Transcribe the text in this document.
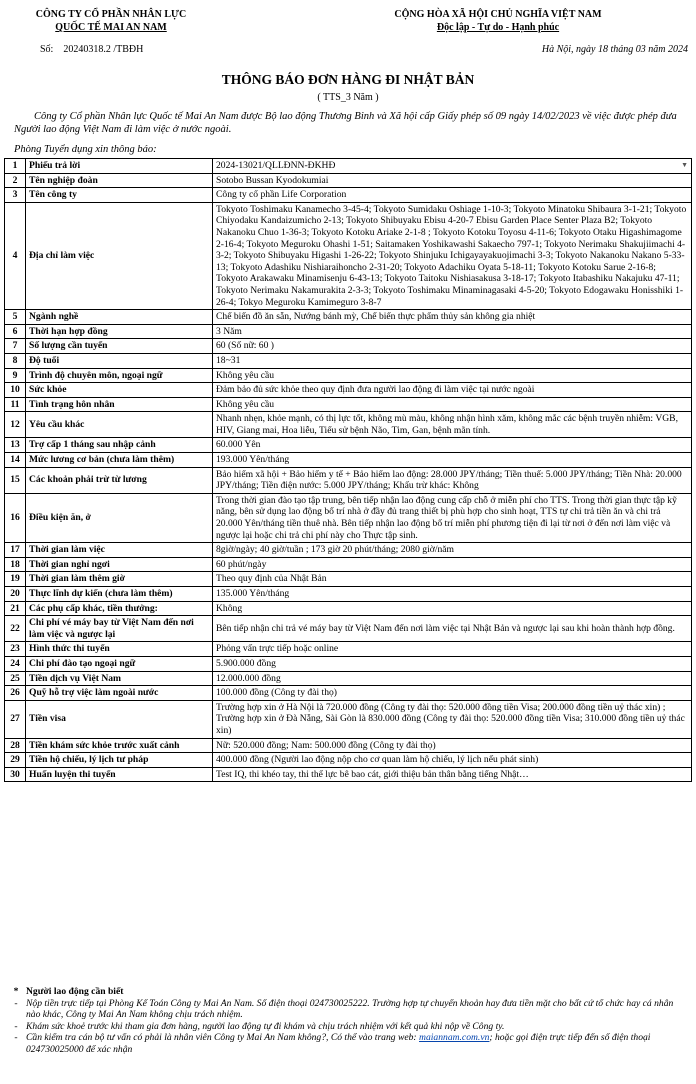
CÔNG TY CỔ PHẦN NHÂN LỰC
QUỐC TẾ MAI AN NAM
CỘNG HÒA XÃ HỘI CHỦ NGHĨA VIỆT NAM
Độc lập - Tự do - Hạnh phúc
Số: 20240318.2 /TBĐH	Hà Nội, ngày 18 tháng 03 năm 2024
THÔNG BÁO ĐƠN HÀNG ĐI NHẬT BẢN
( TTS_3 Năm )
Công ty Cổ phần Nhân lực Quốc tế Mai An Nam được Bộ lao động Thương Binh và Xã hội cấp Giấy phép số 09 ngày 14/02/2023 về việc được phép đưa Người lao động Việt Nam đi làm việc ở nước ngoài.
Phòng Tuyển dụng xin thông báo:
1	Phiếu trả lời	2024-13021/QLLĐNN-ĐKHĐ ▼

2	Tên nghiệp đoàn	Sotobo Bussan Kyodokumiai
3	Tên công ty	Công ty cổ phần Life Corporation
4	Địa chỉ làm việc	Tokyoto Toshimaku Kanamecho 3-45-4; Tokyoto Sumidaku Oshiage 1-10-3; Tokyoto Minatoku Shibaura 3-1-21; Tokyoto Chiyodaku Kandaizumicho 2-13; Tokyoto Shibuyaku Ebisu 4-20-7 Ebisu Garden Place Senter Plaza B2; Tokyoto Nakanoku Chuo 1-36-3; Tokyoto Kotoku Ariake 2-1-8 ; Tokyoto Kotoku Toyosu 4-11-6; Tokyoto Otaku Higashimagome 2-16-4; Tokyoto Meguroku Ohashi 1-51; Saitamaken Yoshikawashi Sakaecho 797-1; Tokyoto Nerimaku Shakujiimachi 4-3-2; Tokyoto Shibuyaku Higashi 1-26-22; Tokyoto Shinjuku Ichigayayakuojimachi 3-3; Tokyoto Nakanoku Nakano 5-33-13; Tokyoto Adashiku Nishiaraihoncho 2-31-20; Tokyoto Adachiku Oyata 5-18-11; Tokyoto Kotoku Sarue 2-16-8; Tokyoto Arakawaku Minamisenju 6-43-13; Tokyoto Taitoku Nishiasakusa 3-18-17; Tokyoto Itabashiku Nakajuku 47-11; Tokyoto Nerimaku Nakamurakita 2-3-3; Tokyoto Toshimaku Minaminagasaki 4-5-20; Tokyoto Edogawaku Honisshiki 1-26-4; Tokyo Meguroku Kamimeguro 3-8-7
5	Ngành nghề	Chế biến đồ ăn sẵn, Nướng bánh mỳ, Chế biến thực phẩm thủy sản không gia nhiệt
6	Thời hạn hợp đồng	3 Năm
7	Số lượng cần tuyển	60 (Số nữ: 60 )
8	Độ tuổi	18~31
9	Trình độ chuyên môn, ngoại ngữ	Không yêu cầu
10	Sức khỏe	Đảm bảo đủ sức khỏe theo quy định đưa người lao động đi làm việc tại nước ngoài
11	Tình trạng hôn nhân	Không yêu cầu
12	Yêu cầu khác	Nhanh nhẹn, khỏe mạnh, có thị lực tốt, không mù màu, không nhận hình xăm, không mắc các bệnh truyền nhiễm: VGB, HIV, Giang mai, Hoa liễu, Tiểu sử bệnh Não, Tim, Gan, bệnh mãn tính.
13	Trợ cấp 1 tháng sau nhập cảnh	60.000 Yên
14	Mức lương cơ bản (chưa làm thêm)	193.000 Yên/tháng
15	Các khoản phải trừ từ lương	Bảo hiểm xã hội + Bảo hiểm y tế + Bảo hiểm lao động: 28.000 JPY/tháng; Tiền thuế: 5.000 JPY/tháng; Tiền Nhà: 20.000 JPY/tháng; Tiền điện nước: 5.000 JPY/tháng; Khấu trừ khác: Không
16	Điều kiện ăn, ở	Trong thời gian đào tạo tập trung, bên tiếp nhận lao động cung cấp chỗ ở miễn phí cho TTS. Trong thời gian thực tập kỹ năng, bên sử dụng lao động bố trí nhà ở đầy đủ trang thiết bị phù hợp cho sinh hoạt, TTS tự chi trả tiền ăn và chi trả 20.000 Yên/tháng tiền thuê nhà. Bên tiếp nhận lao động bố trí miễn phí phương tiện đi lại từ nơi ở đến nơi làm việc và ngược lại hoặc chi trả chi phí này cho Thực tập sinh.
17	Thời gian làm việc	8giờ/ngày; 40 giờ/tuần ; 173 giờ 20 phút/tháng; 2080 giờ/năm
18	Thời gian nghỉ ngơi	60 phút/ngày
19	Thời gian làm thêm giờ	Theo quy định của Nhật Bản
20	Thực lĩnh dự kiến (chưa làm thêm)	135.000 Yên/tháng
21	Các phụ cấp khác, tiền thưởng:	Không
22	Chi phí vé máy bay từ Việt Nam đến nơi làm việc và ngược lại	Bên tiếp nhận chi trả vé máy bay từ Việt Nam đến nơi làm việc tại Nhật Bản và ngược lại sau khi hoàn thành hợp đồng.
23	Hình thức thi tuyển	Phỏng vấn trực tiếp hoặc online
24	Chi phí đào tạo ngoại ngữ	5.900.000 đồng
25	Tiền dịch vụ Việt Nam	12.000.000 đồng
26	Quỹ hỗ trợ việc làm ngoài nước	100.000 đồng (Công ty đài thọ)
27	Tiền visa	Trường hợp xin ở Hà Nội là 720.000 đồng (Công ty đài thọ: 520.000 đồng tiền Visa; 200.000 đồng tiền uỷ thác xin) ; Trường hợp xin ở Đà Nẵng, Sài Gòn là 830.000 đồng (Công ty đài thọ: 520.000 đồng tiền Visa; 310.000 đồng tiền uỷ thác xin)
28	Tiền khám sức khỏe trước xuất cảnh	Nữ: 520.000 đồng; Nam: 500.000 đồng (Công ty đài thọ)
29	Tiền hộ chiếu, lý lịch tư pháp	400.000 đồng (Người lao động nộp cho cơ quan làm hộ chiếu, lý lịch nếu phát sinh)
30	Huấn luyện thi tuyển	Test IQ, thi khéo tay, thi thể lực bê bao cát, giới thiệu bản thân bằng tiếng Nhật…
* Người lao động cần biết
- Nộp tiền trực tiếp tại Phòng Kế Toán Công ty Mai An Nam. Số điện thoại 024730025222. Trường hợp tự chuyển khoản hay đưa tiền mặt cho bất cứ tổ chức hay cá nhân nào khác, Công ty Mai An Nam không chịu trách nhiệm.
- Khám sức khoẻ trước khi tham gia đơn hàng, người lao động tự đi khám và chịu trách nhiệm với kết quả khi nộp về Công ty.
- Cần kiểm tra cán bộ tư vấn có phải là nhân viên Công ty Mai An Nam không?, Có thể vào trang web: maiannam.com.vn; hoặc gọi điện trực tiếp đến số điện thoại 024730025000 để xác nhận
